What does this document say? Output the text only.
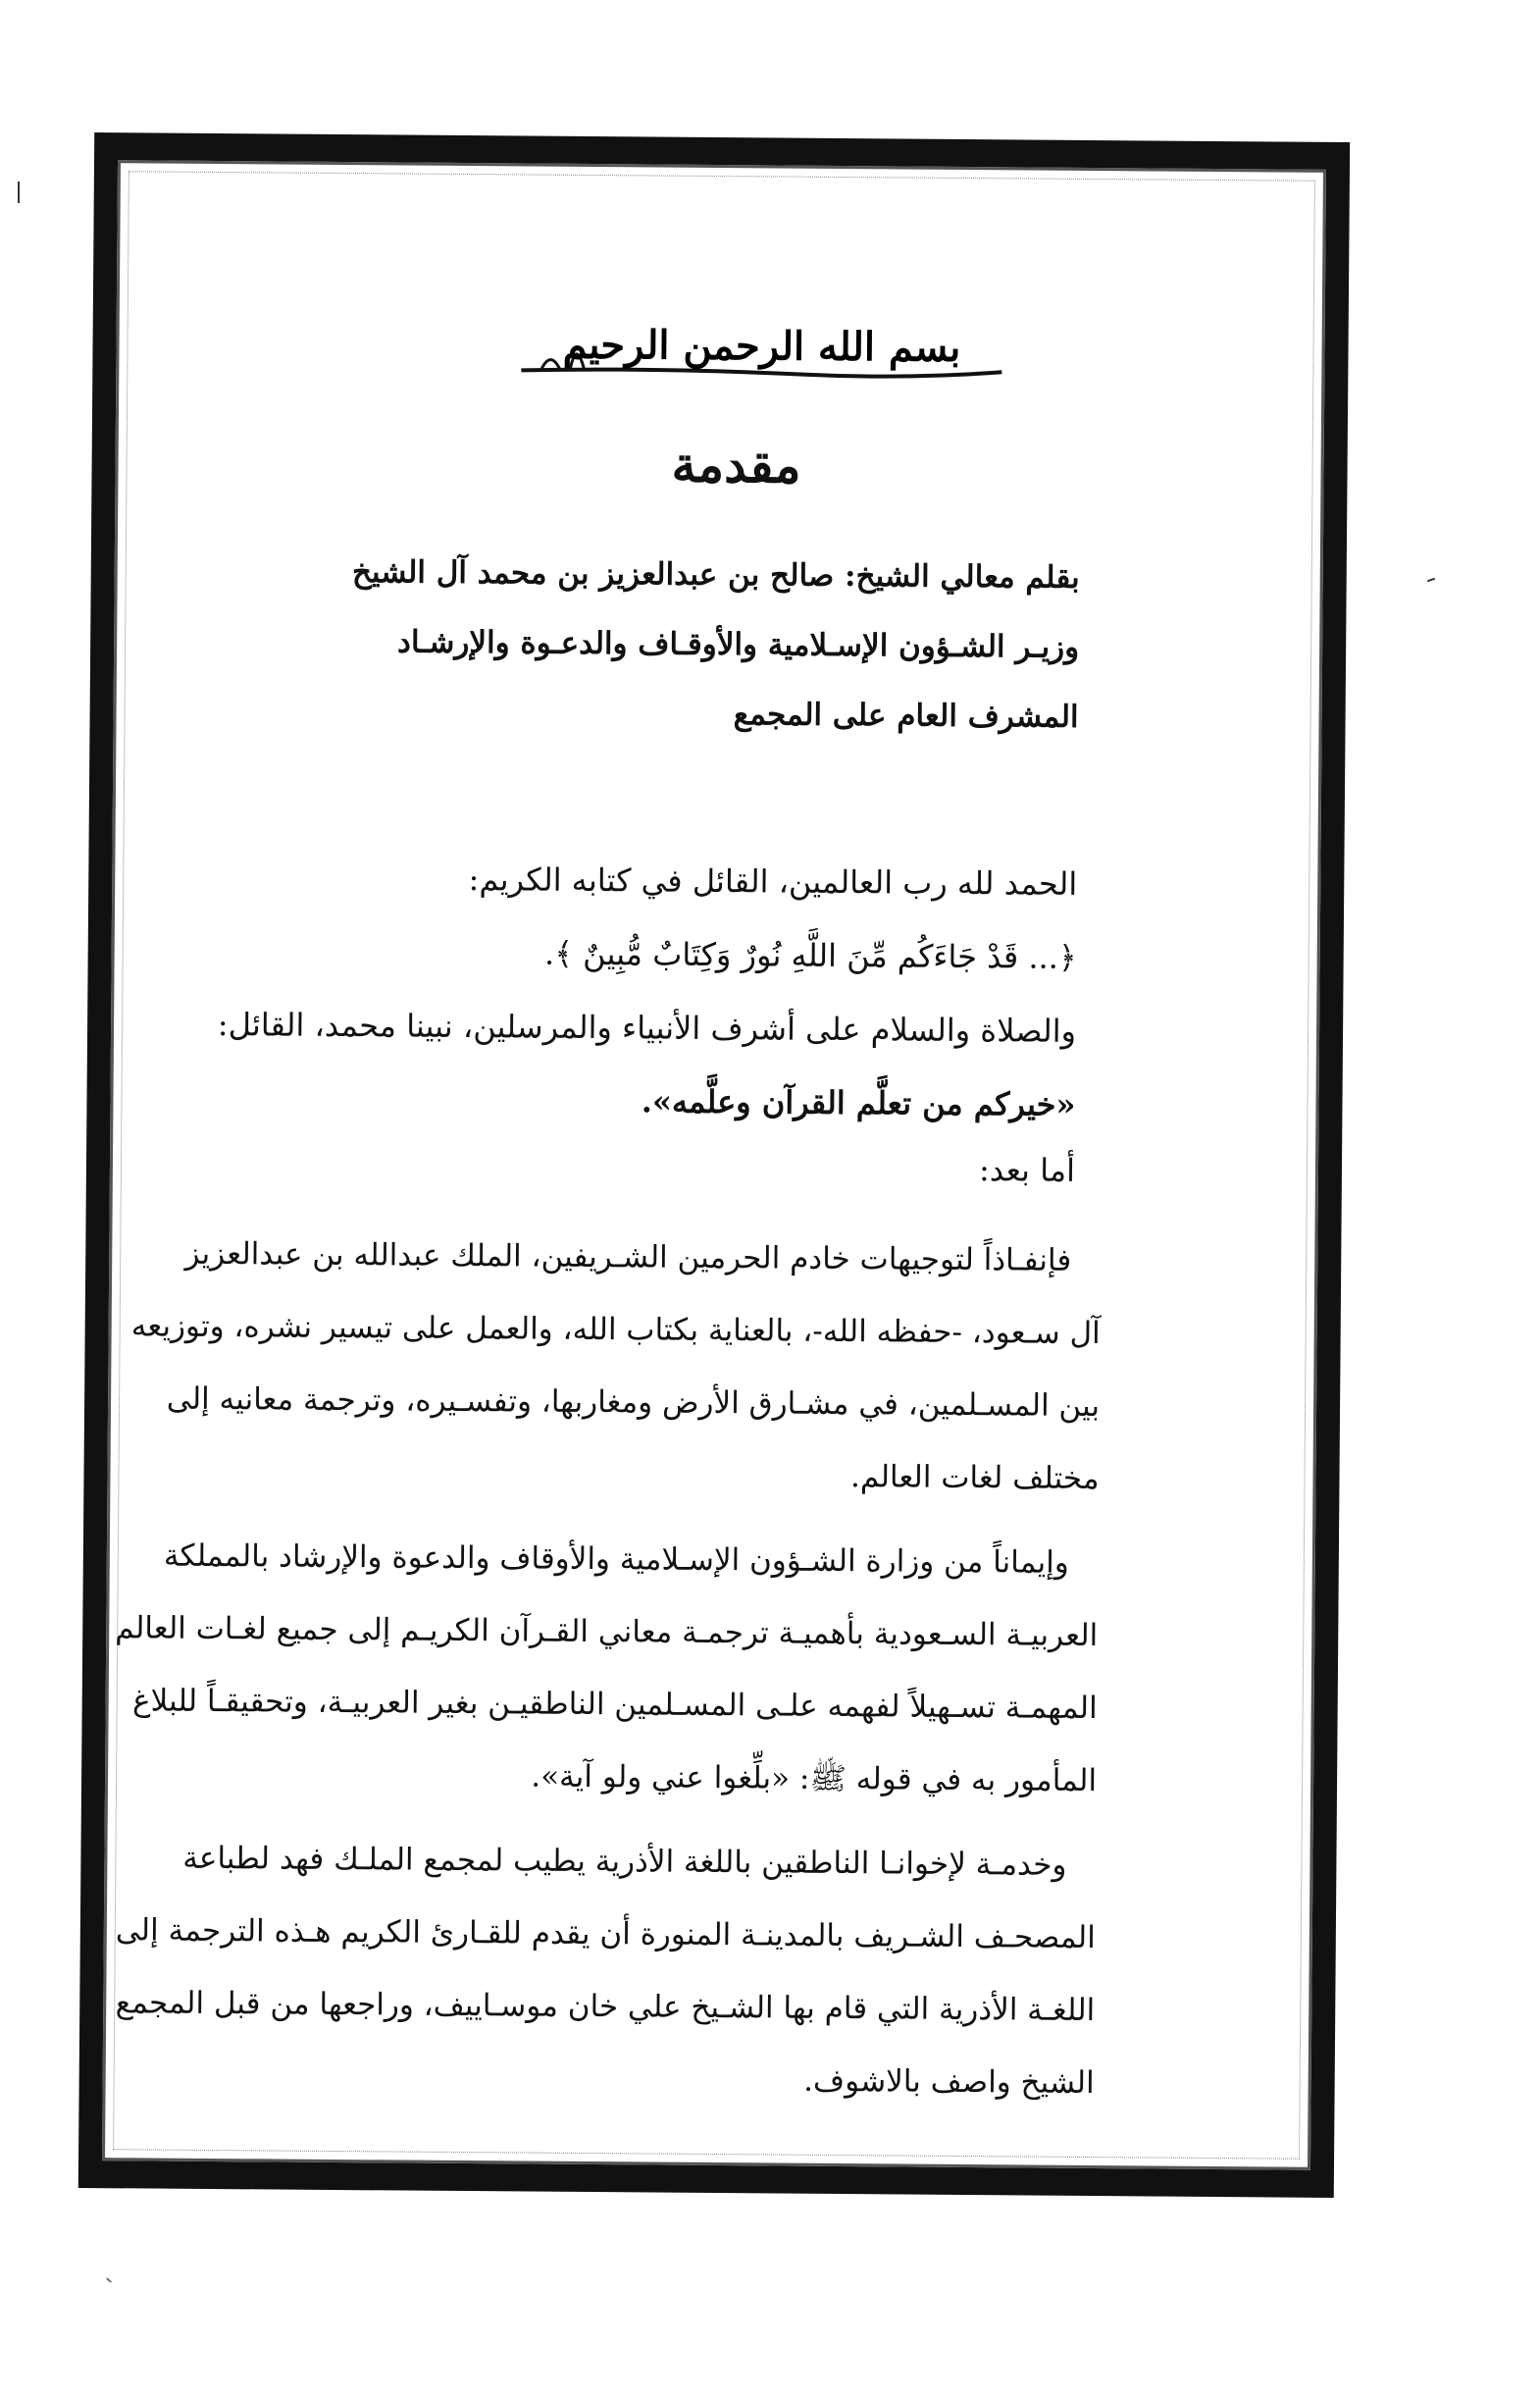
بسم الله الرحمن الرحيم
مقدمة
بقلم معالي الشيخ: صالح بن عبدالعزيز بن محمد آل الشيخ
وزيـر الشـؤون الإسـلامية والأوقـاف والدعـوة والإرشـاد
المشرف العام على المجمع
الحمد لله رب العالمين، القائل في كتابه الكريم:
﴿... قَدْ جَاءَكُم مِّنَ اللَّهِ نُورٌ وَكِتَابٌ مُّبِينٌ ﴾.
والصلاة والسلام على أشرف الأنبياء والمرسلين، نبينا محمد، القائل:
«خيركم من تعلَّم القرآن وعلَّمه».
أما بعد:
فإنفـاذاً لتوجيهات خادم الحرمين الشـريفين، الملك عبدالله بن عبدالعزيز
آل سـعود، -حفظه الله-، بالعناية بكتاب الله، والعمل على تيسير نشره، وتوزيعه
بين المسـلمين، في مشـارق الأرض ومغاربها، وتفسـيره، وترجمة معانيه إلى
مختلف لغات العالم.
وإيماناً من وزارة الشـؤون الإسـلامية والأوقاف والدعوة والإرشاد بالمملكة
العربيـة السـعودية بأهميـة ترجمـة معاني القـرآن الكريـم إلى جميع لغـات العالم
المهمـة تسـهيلاً لفهمه علـى المسـلمين الناطقيـن بغير العربيـة، وتحقيقـاً للبلاغ
المأمور به في قوله ﷺ: «بلِّغوا عني ولو آية».
وخدمـة لإخوانـا الناطقين باللغة الأذرية يطيب لمجمع الملـك فهد لطباعة
المصحـف الشـريف بالمدينـة المنورة أن يقدم للقـارئ الكريم هـذه الترجمة إلى
اللغـة الأذرية التي قام بها الشـيخ علي خان موسـاييف، وراجعها من قبل المجمع
الشيخ واصف بالاشوف.
